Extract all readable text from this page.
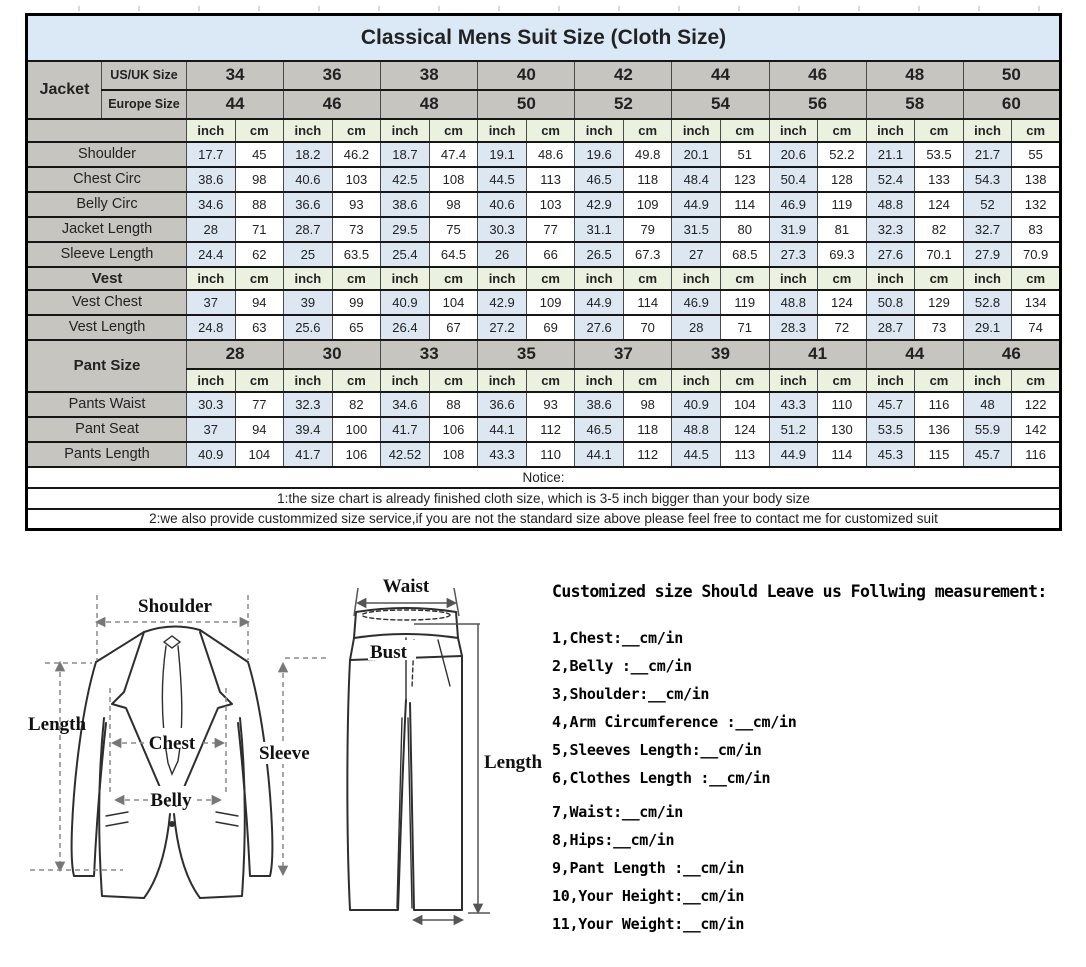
Classical Mens Suit Size (Cloth Size)																			
Jacket	US/UK Size	34		36		38		40		42		44		46		48		50	
	Europe Size	44		46		48		50		52		54		56		58		60	
		inch	cm	inch	cm	inch	cm	inch	cm	inch	cm	inch	cm	inch	cm	inch	cm	inch	cm
Shoulder		17.7	45	18.2	46.2	18.7	47.4	19.1	48.6	19.6	49.8	20.1	51	20.6	52.2	21.1	53.5	21.7	55
Chest Circ		38.6	98	40.6	103	42.5	108	44.5	113	46.5	118	48.4	123	50.4	128	52.4	133	54.3	138
Belly Circ		34.6	88	36.6	93	38.6	98	40.6	103	42.9	109	44.9	114	46.9	119	48.8	124	52	132
Jacket Length		28	71	28.7	73	29.5	75	30.3	77	31.1	79	31.5	80	31.9	81	32.3	82	32.7	83
Sleeve Length		24.4	62	25	63.5	25.4	64.5	26	66	26.5	67.3	27	68.5	27.3	69.3	27.6	70.1	27.9	70.9
Vest		inch	cm	inch	cm	inch	cm	inch	cm	inch	cm	inch	cm	inch	cm	inch	cm	inch	cm
Vest Chest		37	94	39	99	40.9	104	42.9	109	44.9	114	46.9	119	48.8	124	50.8	129	52.8	134
Vest Length		24.8	63	25.6	65	26.4	67	27.2	69	27.6	70	28	71	28.3	72	28.7	73	29.1	74
Pant Size		28		30		33		35		37		39		41		44		46	
		inch	cm	inch	cm	inch	cm	inch	cm	inch	cm	inch	cm	inch	cm	inch	cm	inch	cm
Pants Waist		30.3	77	32.3	82	34.6	88	36.6	93	38.6	98	40.9	104	43.3	110	45.7	116	48	122
Pant Seat		37	94	39.4	100	41.7	106	44.1	112	46.5	118	48.8	124	51.2	130	53.5	136	55.9	142
Pants Length		40.9	104	41.7	106	42.52	108	43.3	110	44.1	112	44.5	113	44.9	114	45.3	115	45.7	116
Notice:																			
1:the size chart is already finished cloth size, which is 3-5 inch bigger than your body size																			
2:we also provide custommized size service,if you are not the standard size above please feel free to contact me for customized suit																			
Shoulder
Length
Chest	Sleeve
Belly
Waist
Bust
Length
Customized size Should Leave us Follwing measurement:
1,Chest:__cm/in
2,Belly :__cm/in
3,Shoulder:__cm/in
4,Arm Circumference :__cm/in
5,Sleeves Length:__cm/in
6,Clothes Length :__cm/in
7,Waist:__cm/in
8,Hips:__cm/in
9,Pant Length :__cm/in
10,Your Height:__cm/in
11,Your Weight:__cm/in
